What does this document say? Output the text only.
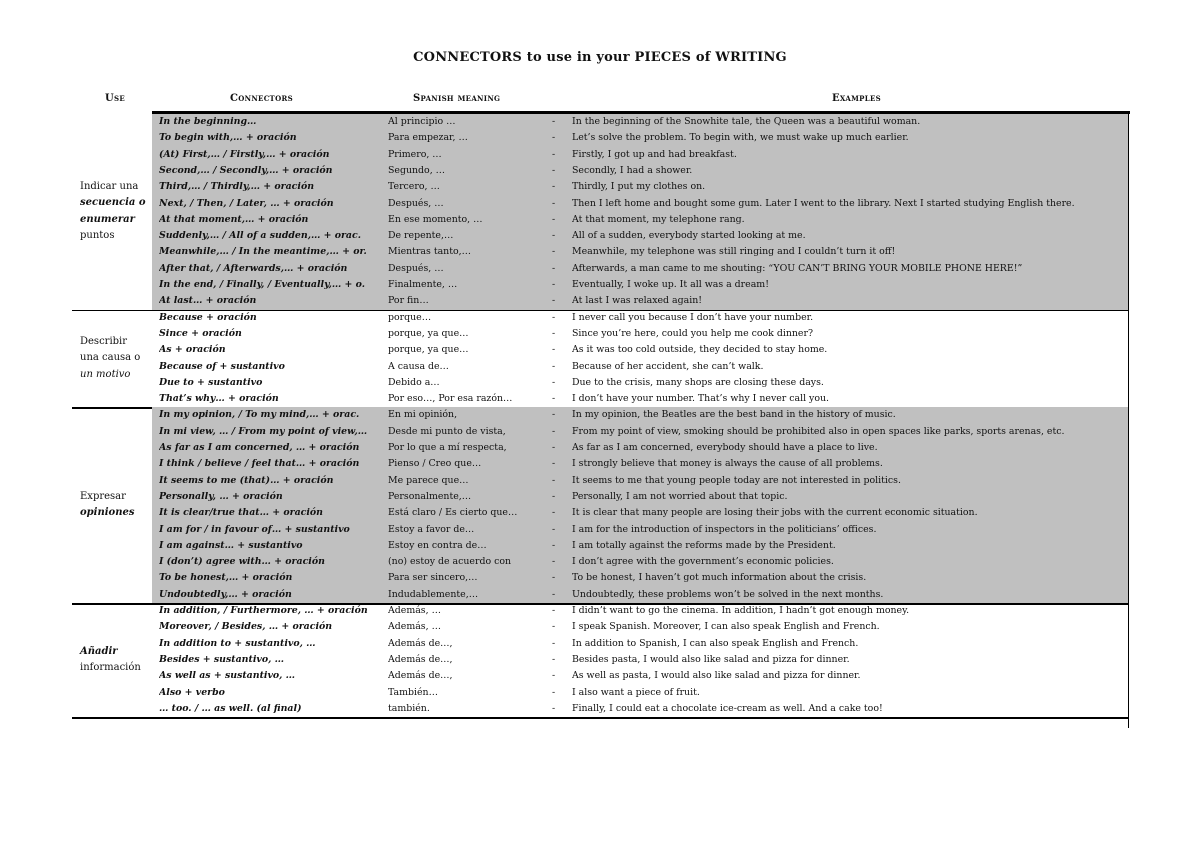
CONNECTORS to use in your PIECES of WRITING
Use	Connectors	Spanish meaning	Examples
Indicar una
secuencia o
enumerar
puntos
In the beginning…	Al principio …	-	In the beginning of the Snowhite tale, the Queen was a beautiful woman.
To begin with,… + oración	Para empezar, …	-	Let’s solve the problem. To begin with, we must wake up much earlier.
(At) First,… / Firstly,… + oración	Primero, …	-	Firstly, I got up and had breakfast.
Second,… / Secondly,… + oración	Segundo, …	-	Secondly, I had a shower.
Third,… / Thirdly,… + oración	Tercero, …	-	Thirdly, I put my clothes on.
Next, / Then, / Later, … + oración	Después, …	-	Then I left home and bought some gum. Later I went to the library. Next I started studying English there.
At that moment,… + oración	En ese momento, …	-	At that moment, my telephone rang.
Suddenly,… / All of a sudden,… + orac.	De repente,…	-	All of a sudden, everybody started looking at me.
Meanwhile,… / In the meantime,… + or.	Mientras tanto,…	-	Meanwhile, my telephone was still ringing and I couldn’t turn it off!
After that, / Afterwards,… + oración	Después, …	-	Afterwards, a man came to me shouting: “YOU CAN’T BRING YOUR MOBILE PHONE HERE!”
In the end, / Finally, / Eventually,… + o.	Finalmente, …	-	Eventually, I woke up. It all was a dream!
At last… + oración	Por fin…	-	At last I was relaxed again!
Describir
una causa o
un motivo
Because + oración	porque…	-	I never call you because I don’t have your number.
Since + oración	porque, ya que…	-	Since you’re here, could you help me cook dinner?
As + oración	porque, ya que…	-	As it was too cold outside, they decided to stay home.
Because of + sustantivo	A causa de…	-	Because of her accident, she can’t walk.
Due to + sustantivo	Debido a…	-	Due to the crisis, many shops are closing these days.
That’s why… + oración	Por eso…, Por esa razón…	-	I don’t have your number. That’s why I never call you.
Expresar
opiniones
In my opinion, / To my mind,… + orac.	En mi opinión,	-	In my opinion, the Beatles are the best band in the history of music.
In mi view, … / From my point of view,…	Desde mi punto de vista,	-	From my point of view, smoking should be prohibited also in open spaces like parks, sports arenas, etc.
As far as I am concerned, … + oración	Por lo que a mí respecta,	-	As far as I am concerned, everybody should have a place to live.
I think / believe / feel that… + oración	Pienso / Creo que…	-	I strongly believe that money is always the cause of all problems.
It seems to me (that)… + oración	Me parece que…	-	It seems to me that young people today are not interested in politics.
Personally, … + oración	Personalmente,…	-	Personally, I am not worried about that topic.
It is clear/true that… + oración	Está claro / Es cierto que…	-	It is clear that many people are losing their jobs with the current economic situation.
I am for / in favour of… + sustantivo	Estoy a favor de…	-	I am for the introduction of inspectors in the politicians’ offices.
I am against… + sustantivo	Estoy en contra de…	-	I am totally against the reforms made by the President.
I (don’t) agree with… + oración	(no) estoy de acuerdo con	-	I don’t agree with the government’s economic policies.
To be honest,… + oración	Para ser sincero,…	-	To be honest, I haven’t got much information about the crisis.
Undoubtedly,… + oración	Indudablemente,…	-	Undoubtedly, these problems won’t be solved in the next months.
Añadir
información
In addition, / Furthermore, … + oración	Además, …	-	I didn’t want to go the cinema. In addition, I hadn’t got enough money.
Moreover, / Besides, … + oración	Además, …	-	I speak Spanish. Moreover, I can also speak English and French.
In addition to + sustantivo, …	Además de…,	-	In addition to Spanish, I can also speak English and French.
Besides + sustantivo, …	Además de…,	-	Besides pasta, I would also like salad and pizza for dinner.
As well as + sustantivo, …	Además de…,	-	As well as pasta, I would also like salad and pizza for dinner.
Also + verbo	También…	-	I also want a piece of fruit.
… too. / … as well. (al final)	también.	-	Finally, I could eat a chocolate ice-cream as well. And a cake too!
